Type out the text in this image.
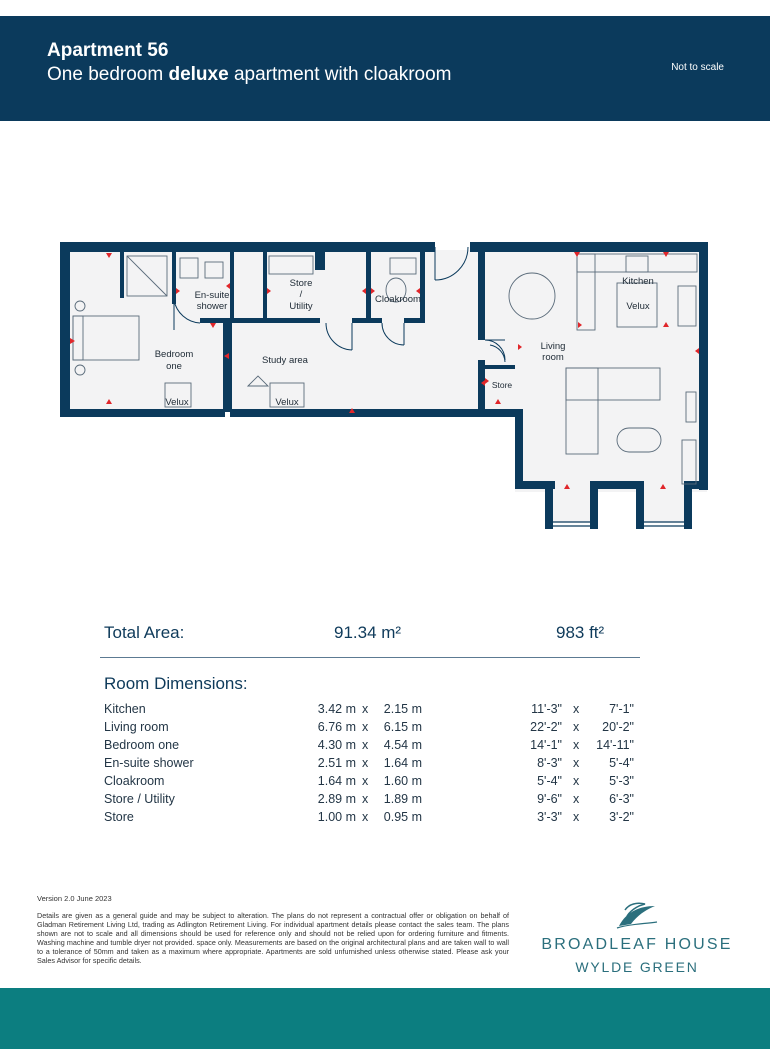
Apartment 56
One bedroom deluxe apartment with cloakroom	Not to scale
En-suite
shower
Store
/
Utility
Cloakroom
Kitchen
Velux
Living
room
Bedroom
one
Study area
Velux	Velux
Store
Total Area:	91.34 m²	983 ft²
Room Dimensions:
Kitchen	3.42 m x	2.15 m	11'-3" x	7'-1"
Living room	6.76 m x	6.15 m	22'-2" x	20'-2"
Bedroom one	4.30 m x	4.54 m	14'-1" x	14'-11"
En-suite shower	2.51 m x	1.64 m	8'-3" x	5'-4"
Cloakroom	1.64 m x	1.60 m	5'-4" x	5'-3"
Store / Utility	2.89 m x	1.89 m	9'-6" x	6'-3"
Store	1.00 m x	0.95 m	3'-3" x	3'-2"
Version 2.0 June 2023
Details are given as a general guide and may be subject to alteration. The plans do not represent a contractual offer or obligation on behalf of Gladman Retirement Living Ltd, trading as Adlington Retirement Living. For individual apartment details please contact the sales team. The plans shown are not to scale and all dimensions should be used for reference only and should not be relied upon for ordering furniture and fitments. Washing machine and tumble dryer not provided. space only. Measurements are based on the original architectural plans and are taken wall to wall to a tolerance of 50mm and taken as a maximum where appropriate. Apartments are sold unfurnished unless otherwise stated. Please ask your Sales Advisor for specific details.
BROADLEAF HOUSE
WYLDE GREEN
